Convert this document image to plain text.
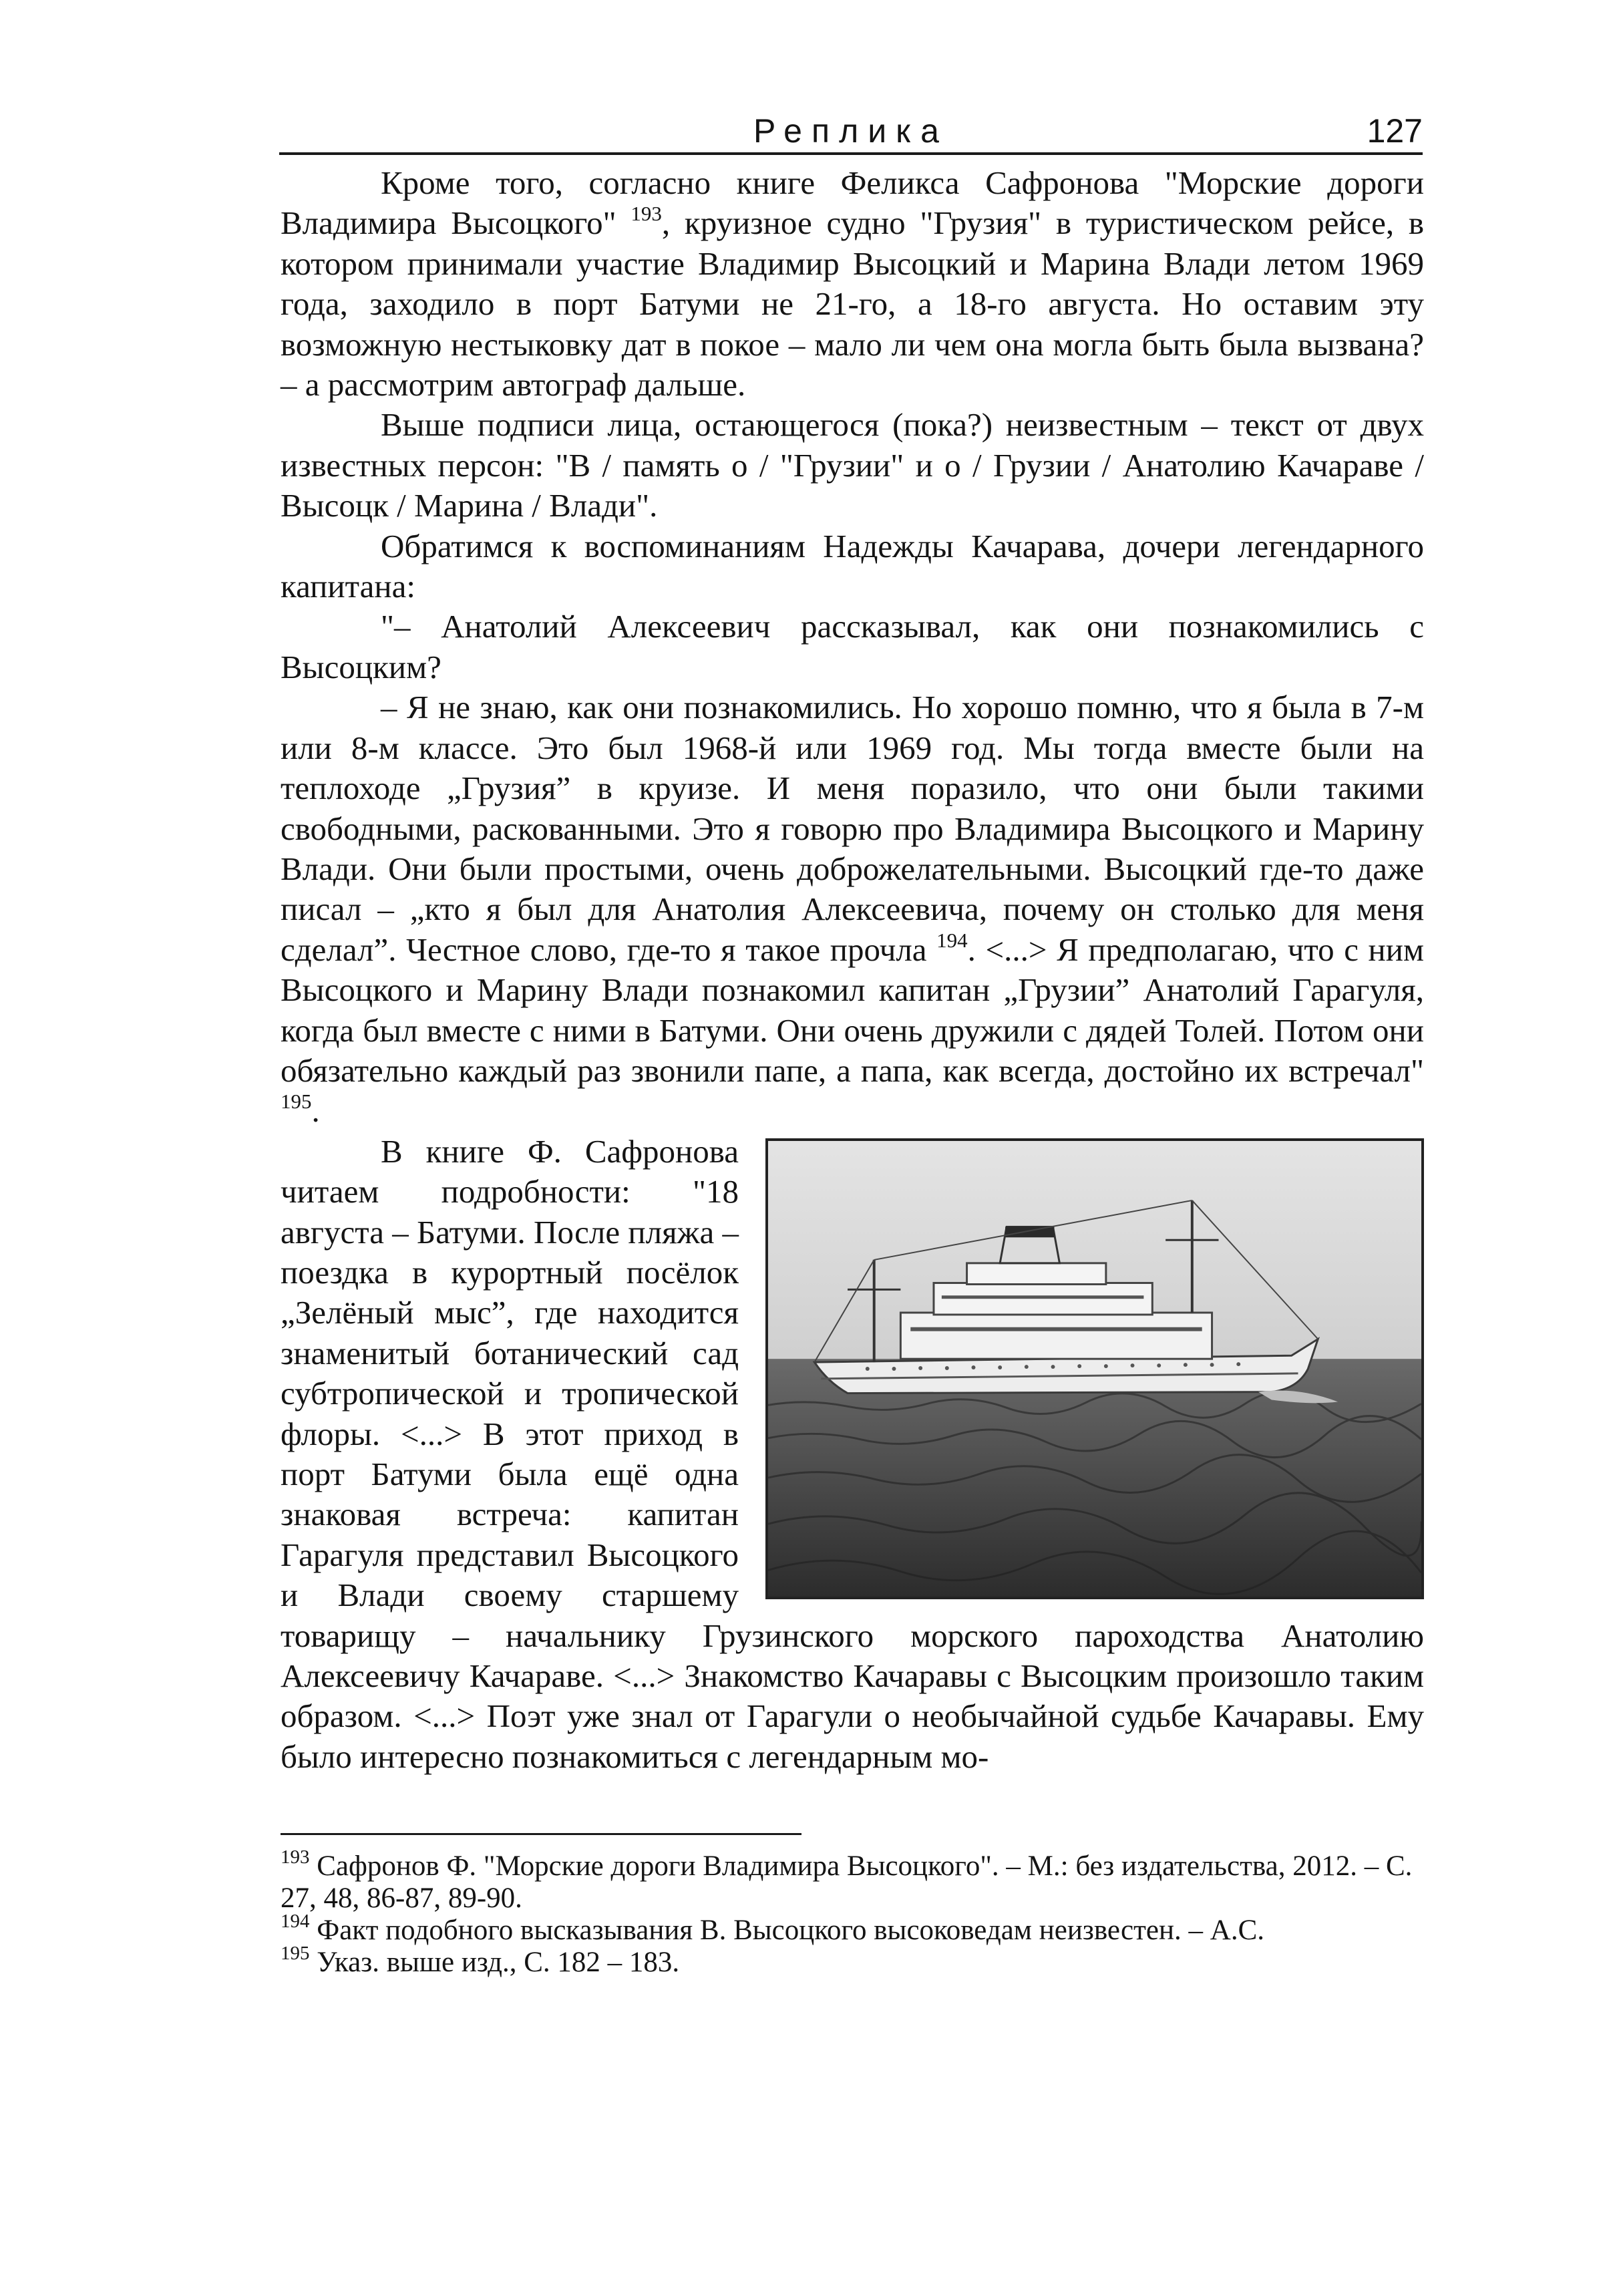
Реплика	127

Кроме того, согласно книге Феликса Сафронова "Морские дороги Владимира Высоцкого" $^{193}$, круизное судно "Грузия" в туристическом рейсе, в котором принимали участие Владимир Высоцкий и Марина Влади летом 1969 года, заходило в порт Батуми не 21-го, а 18-го августа. Но оставим эту возможную нестыковку дат в покое – мало ли чем она могла быть была вызвана? – а рассмотрим автограф дальше.

Выше подписи лица, остающегося (пока?) неизвестным – текст от двух известных персон: "В / память о / "Грузии" и о / Грузии / Анатолию Качараве / Высоцк / Марина / Влади".

Обратимся к воспоминаниям Надежды Качарава, дочери легендарного капитана:

"– Анатолий Алексеевич рассказывал, как они познакомились с Высоцким?

– Я не знаю, как они познакомились. Но хорошо помню, что я была в 7-м или 8-м классе. Это был 1968-й или 1969 год. Мы тогда вместе были на теплоходе „Грузия” в круизе. И меня поразило, что они были такими свободными, раскованными. Это я говорю про Владимира Высоцкого и Марину Влади. Они были простыми, очень доброжелательными. Высоцкий где-то даже писал – „кто я был для Анатолия Алексеевича, почему он столько для меня сделал”. Честное слово, где-то я такое прочла $^{194}$. <...> Я предполагаю, что с ним Высоцкого и Марину Влади познакомил капитан „Грузии” Анатолий Гарагуля, когда был вместе с ними в Батуми. Они очень дружили с дядей Толей. Потом они обязательно каждый раз звонили папе, а папа, как всегда, достойно их встречал" $^{195}$.

В книге Ф. Сафронова читаем подробности: "18 августа – Батуми. После пляжа – поездка в курортный посёлок „Зелёный мыс”, где находится знаменитый ботанический сад субтропической и тропической флоры. <...> В этот приход в порт Батуми была ещё одна знаковая встреча: капитан Гарагуля представил Высоцкого и Влади своему старшему товарищу – начальнику Грузинского морского пароходства Анатолию Алексеевичу Качараве. <...> Знакомство Качаравы с Высоцким произошло таким образом. <...> Поэт уже знал от Гарагули о необычайной судьбе Качаравы. Ему было интересно познакомиться с легендарным мо-

$^{193}$ Сафронов Ф. "Морские дороги Владимира Высоцкого". – М.: без издательства, 2012. – С. 27, 48, 86-87, 89-90.

$^{194}$ Факт подобного высказывания В. Высоцкого высоковедам неизвестен. – А.С.

$^{195}$ Указ. выше изд., С. 182 – 183.
